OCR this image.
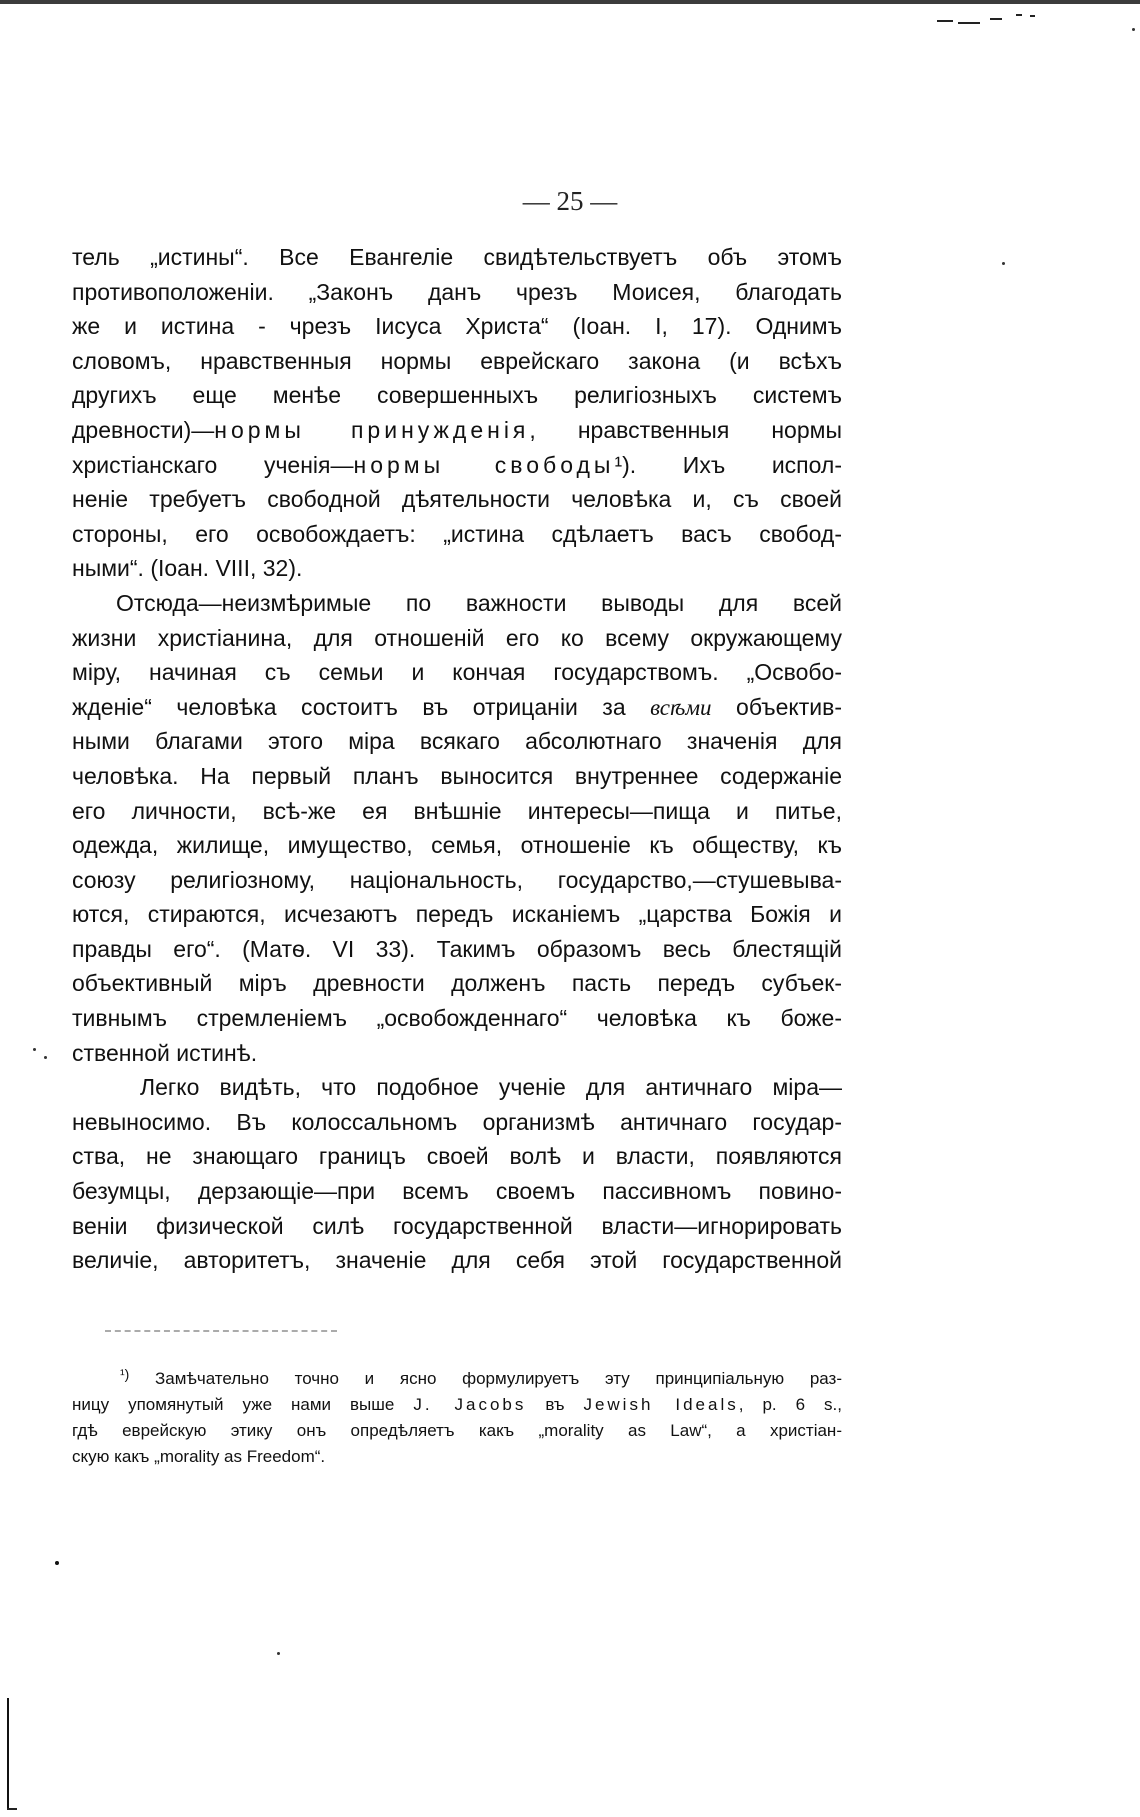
— 25 —
тель „истины“. Все Евангеліе свидѣтельствуетъ объ этомъ
противоположеніи. „Законъ данъ чрезъ Моисея, благодать
же и истина - чрезъ Іисуса Христа“ (Іоан. I, 17). Однимъ
словомъ, нравственныя нормы еврейскаго закона (и всѣхъ
другихъ еще менѣе совершенныхъ религіозныхъ системъ
древности)—нормы принужденія, нравственныя нормы
христіанскаго ученія—нормы свободы¹). Ихъ испол-
неніе требуетъ свободной дѣятельности человѣка и, съ своей
стороны, его освобождаетъ: „истина сдѣлаетъ васъ свобод-
ными“. (Іоан. VIII, 32).
Отсюда—неизмѣримые по важности выводы для всей
жизни христіанина, для отношеній его ко всему окружающему
міру, начиная съ семьи и кончая государствомъ. „Освобо-
жденіе“ человѣка состоитъ въ отрицаніи за всѣми объектив-
ными благами этого міра всякаго абсолютнаго значенія для
человѣка. На первый планъ выносится внутреннее содержаніе
его личности, всѣ-же ея внѣшніе интересы—пища и питье,
одежда, жилище, имущество, семья, отношеніе къ обществу, къ
союзу религіозному, національность, государство,—стушевыва-
ются, стираются, исчезаютъ передъ исканіемъ „царства Божія и
правды его“. (Матѳ. VI 33). Такимъ образомъ весь блестящій
объективный міръ древности долженъ пасть передъ субъек-
тивнымъ стремленіемъ „освобожденнаго“ человѣка къ боже-
ственной истинѣ.
Легко видѣть, что подобное ученіе для античнаго міра—
невыносимо. Въ колоссальномъ организмѣ античнаго государ-
ства, не знающаго границъ своей волѣ и власти, появляются
безумцы, дерзающіе—при всемъ своемъ пассивномъ повино-
веніи физической силѣ государственной власти—игнорировать
величіе, авторитетъ, значеніе для себя этой государственной
$^{^1)}$ Замѣчательно точно и ясно формулируетъ эту принципіальную раз-
ницу упомянутый уже нами выше J. Jacobs въ Jewish Ideals, p. 6 s.,
гдѣ еврейскую этику онъ опредѣляетъ какъ „morality as Law“, а христіан-
скую какъ „morality as Freedom“.
